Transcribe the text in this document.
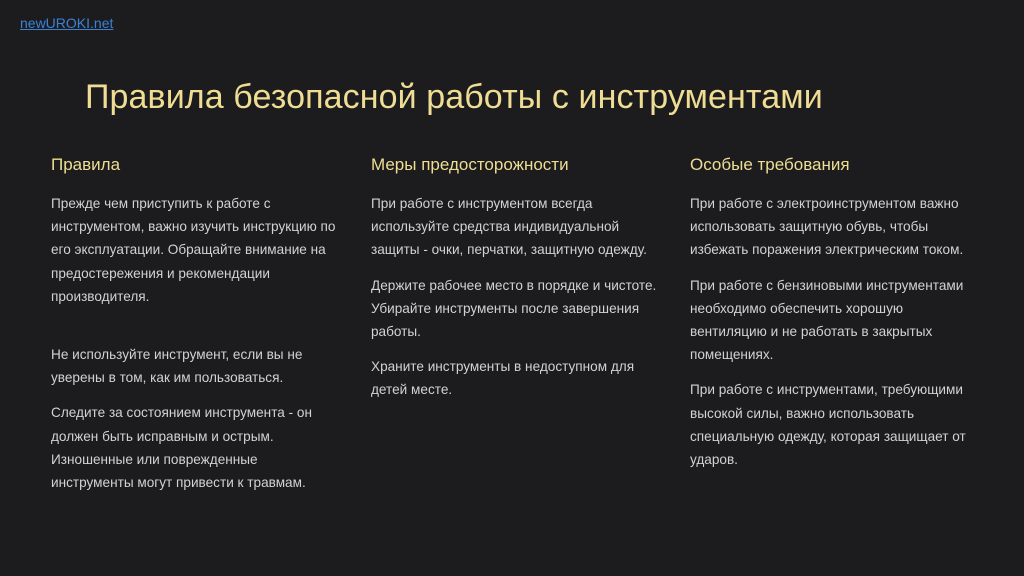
newUROKI.net
Правила безопасной работы с инструментами
Правила

Прежде чем приступить к работе с инструментом, важно изучить инструкцию по его эксплуатации. Обращайте внимание на предостережения и рекомендации производителя.

Не используйте инструмент, если вы не уверены в том, как им пользоваться.

Следите за состоянием инструмента - он должен быть исправным и острым. Изношенные или поврежденные инструменты могут привести к травмам.

Меры предосторожности

При работе с инструментом всегда используйте средства индивидуальной защиты - очки, перчатки, защитную одежду.

Держите рабочее место в порядке и чистоте. Убирайте инструменты после завершения работы.

Храните инструменты в недоступном для детей месте.

Особые требования

При работе с электроинструментом важно использовать защитную обувь, чтобы избежать поражения электрическим током.

При работе с бензиновыми инструментами необходимо обеспечить хорошую вентиляцию и не работать в закрытых помещениях.

При работе с инструментами, требующими высокой силы, важно использовать специальную одежду, которая защищает от ударов.
